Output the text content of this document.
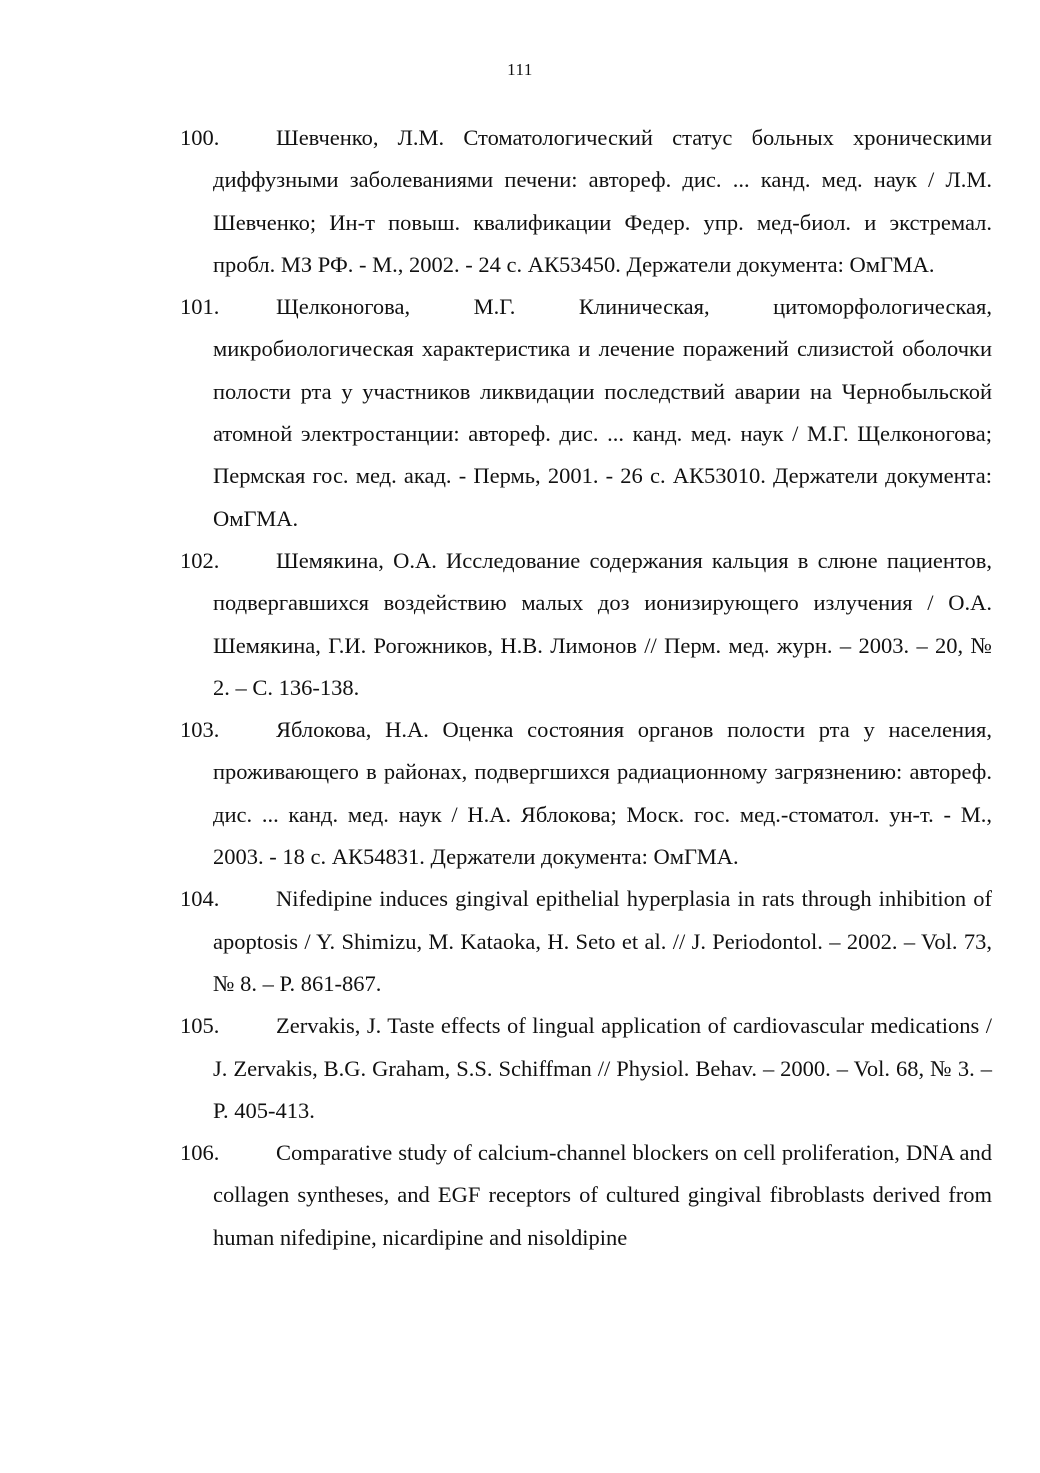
111
100.	Шевченко, Л.М. Стоматологический статус больных хроническими диффузными заболеваниями печени: автореф. дис. ... канд. мед. наук / Л.М. Шевченко; Ин-т повыш. квалификации Федер. упр. мед-биол. и экстремал. пробл. МЗ РФ. - М., 2002. - 24 с. АК53450. Держатели документа: ОмГМА.
101.	Щелконогова, М.Г. Клиническая, цитоморфологическая, микробиологическая характеристика и лечение поражений слизистой оболочки полости рта у участников ликвидации последствий аварии на Чернобыльской атомной электростанции: автореф. дис. ... канд. мед. наук / М.Г. Щелконогова; Пермская гос. мед. акад. - Пермь, 2001. - 26 с. АК53010. Держатели документа: ОмГМА.
102.	Шемякина, О.А. Исследование содержания кальция в слюне пациентов, подвергавшихся воздействию малых доз ионизирующего излучения / О.А. Шемякина, Г.И. Рогожников, Н.В. Лимонов // Перм. мед. журн. – 2003. – 20, № 2. – С. 136-138.
103.	Яблокова, Н.А. Оценка состояния органов полости рта у населения, проживающего в районах, подвергшихся радиационному загрязнению: автореф. дис. ... канд. мед. наук / Н.А. Яблокова; Моск. гос. мед.-стоматол. ун-т. - М., 2003. - 18 с. АК54831. Держатели документа: ОмГМА.
104.	Nifedipine induces gingival epithelial hyperplasia in rats through inhibition of apoptosis / Y. Shimizu, M. Kataoka, H. Seto et al. // J. Periodontol. – 2002. – Vol. 73, № 8. – P. 861-867.
105.	Zervakis, J. Taste effects of lingual application of cardiovascular medications / J. Zervakis, B.G. Graham, S.S. Schiffman // Physiol. Behav. – 2000. – Vol. 68, № 3. – P. 405-413.
106.	Comparative study of calcium-channel blockers on cell proliferation, DNA and collagen syntheses, and EGF receptors of cultured gingival fibroblasts derived from human nifedipine, nicardipine and nisoldipine
